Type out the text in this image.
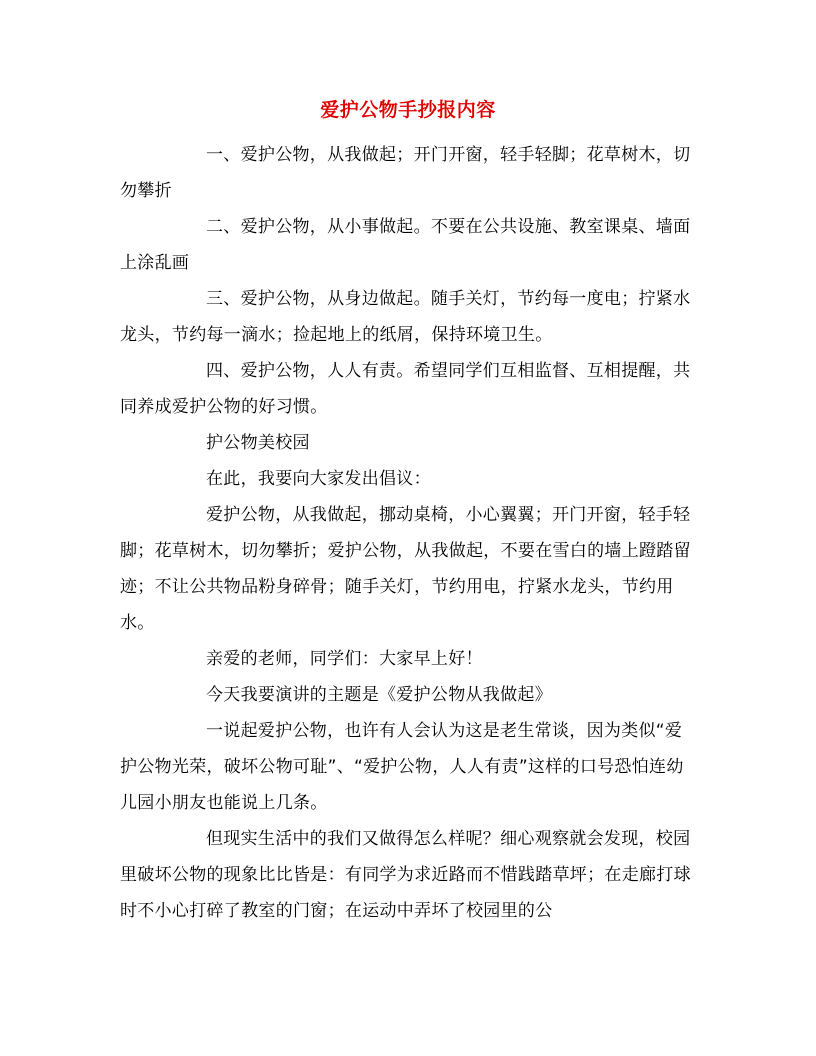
爱护公物手抄报内容

一、爱护公物，从我做起；开门开窗，轻手轻脚；花草树木，切勿攀折

二、爱护公物，从小事做起。不要在公共设施、教室课桌、墙面上涂乱画

三、爱护公物，从身边做起。随手关灯，节约每一度电；拧紧水龙头，节约每一滴水；捡起地上的纸屑，保持环境卫生。

四、爱护公物，人人有责。希望同学们互相监督、互相提醒，共同养成爱护公物的好习惯。

护公物美校园

在此，我要向大家发出倡议：

爱护公物，从我做起，挪动桌椅，小心翼翼；开门开窗，轻手轻脚；花草树木，切勿攀折；爱护公物，从我做起，不要在雪白的墙上蹬踏留迹；不让公共物品粉身碎骨；随手关灯，节约用电，拧紧水龙头，节约用水。

亲爱的老师，同学们：大家早上好！

今天我要演讲的主题是《爱护公物从我做起》

一说起爱护公物，也许有人会认为这是老生常谈，因为类似“爱护公物光荣，破坏公物可耻”、“爱护公物，人人有责”这样的口号恐怕连幼儿园小朋友也能说上几条。

但现实生活中的我们又做得怎么样呢？细心观察就会发现，校园里破坏公物的现象比比皆是：有同学为求近路而不惜践踏草坪；在走廊打球时不小心打碎了教室的门窗；在运动中弄坏了校园里的公
